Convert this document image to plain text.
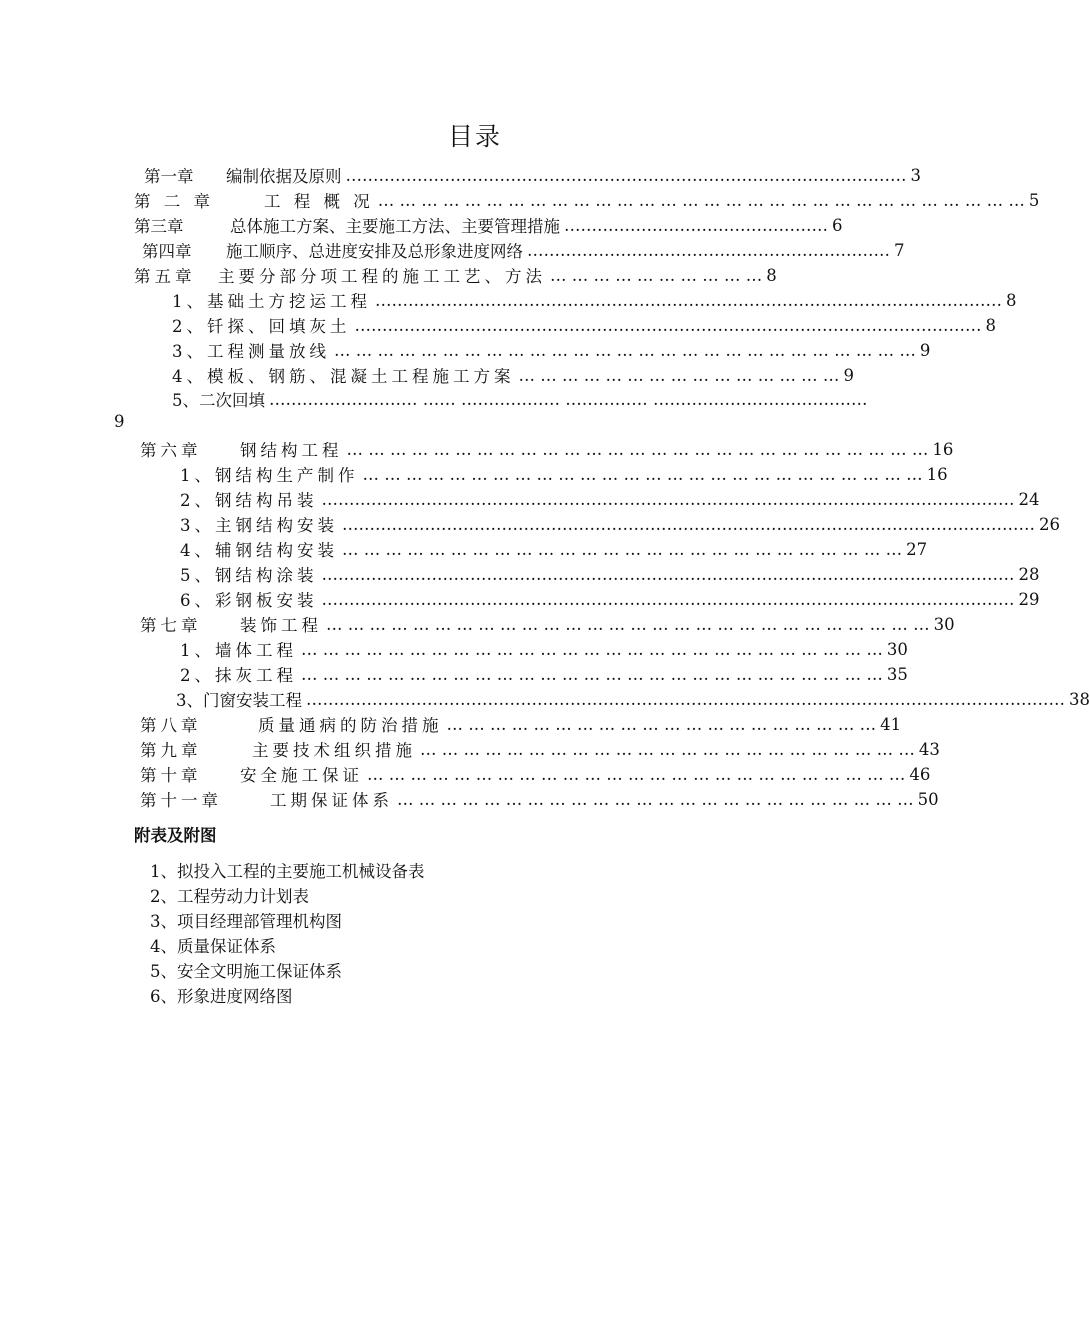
目录
第一章	编制依据及原则 ………………………………………………………………………………………… 3
第 二 章	工 程 概 况 … … … … … … … … … … … … … … … … … … … … … … … … … … … … … … 5
第三章	总体施工方案、主要施工方法、主要管理措施 ………………………………………… 6
第四章	施工顺序、总进度安排及总形象进度网络 ………………………………………………………… 7
第五章	主要分部分项工程的施工工艺、方法 … … … … … … … … … … 8
1、基础土方挖运工程 …………………………………………………………………………………………………… 8
2、钎探、回填灰土 …………………………………………………………………………………………………… 8
3、工程测量放线 … … … … … … … … … … … … … … … … … … … … … … … … … … … 9
4、模板、钢筋、混凝土工程施工方案 … … … … … … … … … … … … … … … 9
5、二次回填 ……………………… …… ……………… …………… …………………………………
9
第六章	钢结构工程 … … … … … … … … … … … … … … … … … … … … … … … … … … … 16
1、钢结构生产制作 … … … … … … … … … … … … … … … … … … … … … … … … … … 16
2、钢结构吊装 ……………………………………………………………………………………………………………… 24
3、主钢结构安装 ……………………………………………………………………………………………………………… 26
4、辅钢结构安装 … … … … … … … … … … … … … … … … … … … … … … … … … … 27
5、钢结构涂装 ……………………………………………………………………………………………………………… 28
6、彩钢板安装 ……………………………………………………………………………………………………………… 29
第七章	装饰工程 … … … … … … … … … … … … … … … … … … … … … … … … … … … … 30
1、墙体工程 … … … … … … … … … … … … … … … … … … … … … … … … … … … 30
2、抹灰工程 … … … … … … … … … … … … … … … … … … … … … … … … … … … 35
3、门窗安装工程 ………………………………………………………………………………………………………………………… 38
第八章	质量通病的防治措施 … … … … … … … … … … … … … … … … … … … … 41
第九章	主要技术组织措施 … … … … … … … … … … … … … … … … … … … … … … … 43
第十章	安全施工保证 … … … … … … … … … … … … … … … … … … … … … … … … … 46
第十一章	工期保证体系 … … … … … … … … … … … … … … … … … … … … … … … … 50
附表及附图
1、拟投入工程的主要施工机械设备表
2、工程劳动力计划表
3、项目经理部管理机构图
4、质量保证体系
5、安全文明施工保证体系
6、形象进度网络图
